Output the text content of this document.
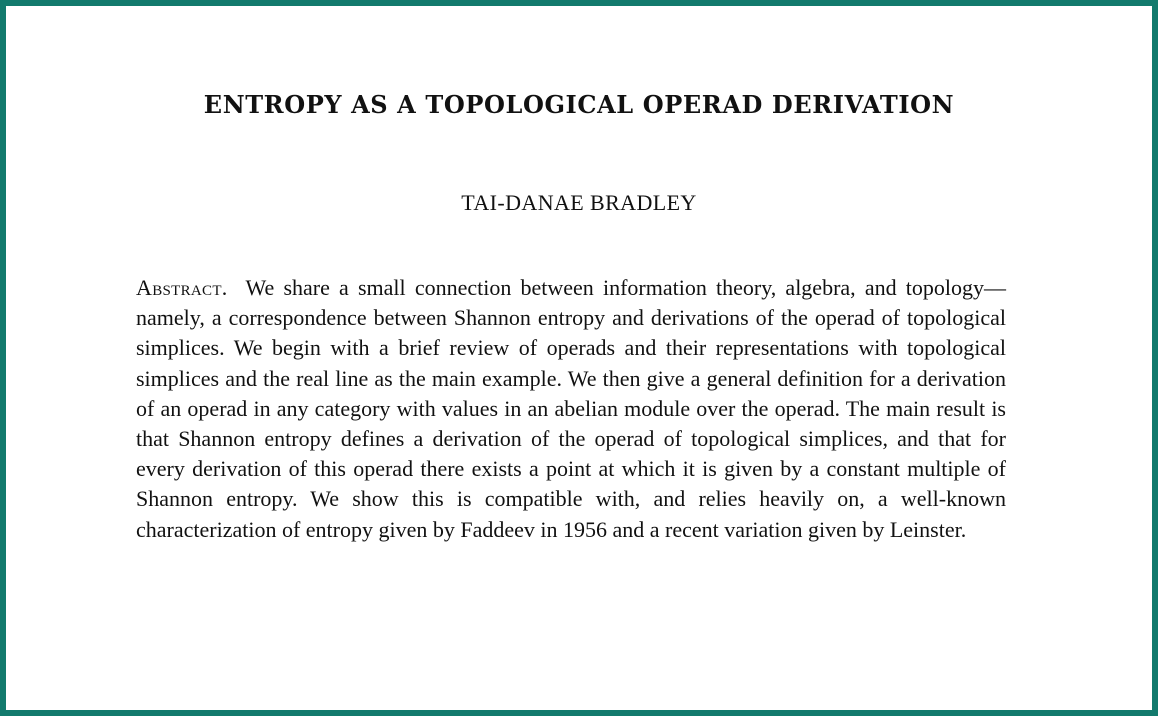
ENTROPY AS A TOPOLOGICAL OPERAD DERIVATION
TAI-DANAE BRADLEY

Abstract. We share a small connection between information theory, algebra, and topology—namely, a correspondence between Shannon entropy and derivations of the operad of topological simplices. We begin with a brief review of operads and their representations with topological simplices and the real line as the main example. We then give a general definition for a derivation of an operad in any category with values in an abelian module over the operad. The main result is that Shannon entropy defines a derivation of the operad of topological simplices, and that for every derivation of this operad there exists a point at which it is given by a constant multiple of Shannon entropy. We show this is compatible with, and relies heavily on, a well-known characterization of entropy given by Faddeev in 1956 and a recent variation given by Leinster.
